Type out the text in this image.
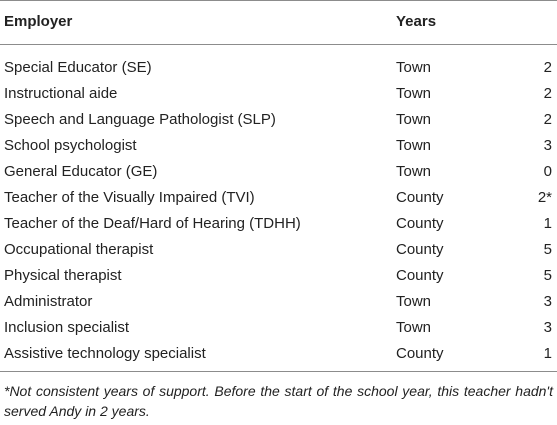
Employer	Years
Special Educator (SE)	Town	2
Instructional aide	Town	2
Speech and Language Pathologist (SLP)	Town	2
School psychologist	Town	3
General Educator (GE)	Town	0
Teacher of the Visually Impaired (TVI)	County	2*
Teacher of the Deaf/Hard of Hearing (TDHH)	County	1
Occupational therapist	County	5
Physical therapist	County	5
Administrator	Town	3
Inclusion specialist	Town	3
Assistive technology specialist	County	1
*Not consistent years of support. Before the start of the school year, this teacher hadn't served Andy in 2 years.
